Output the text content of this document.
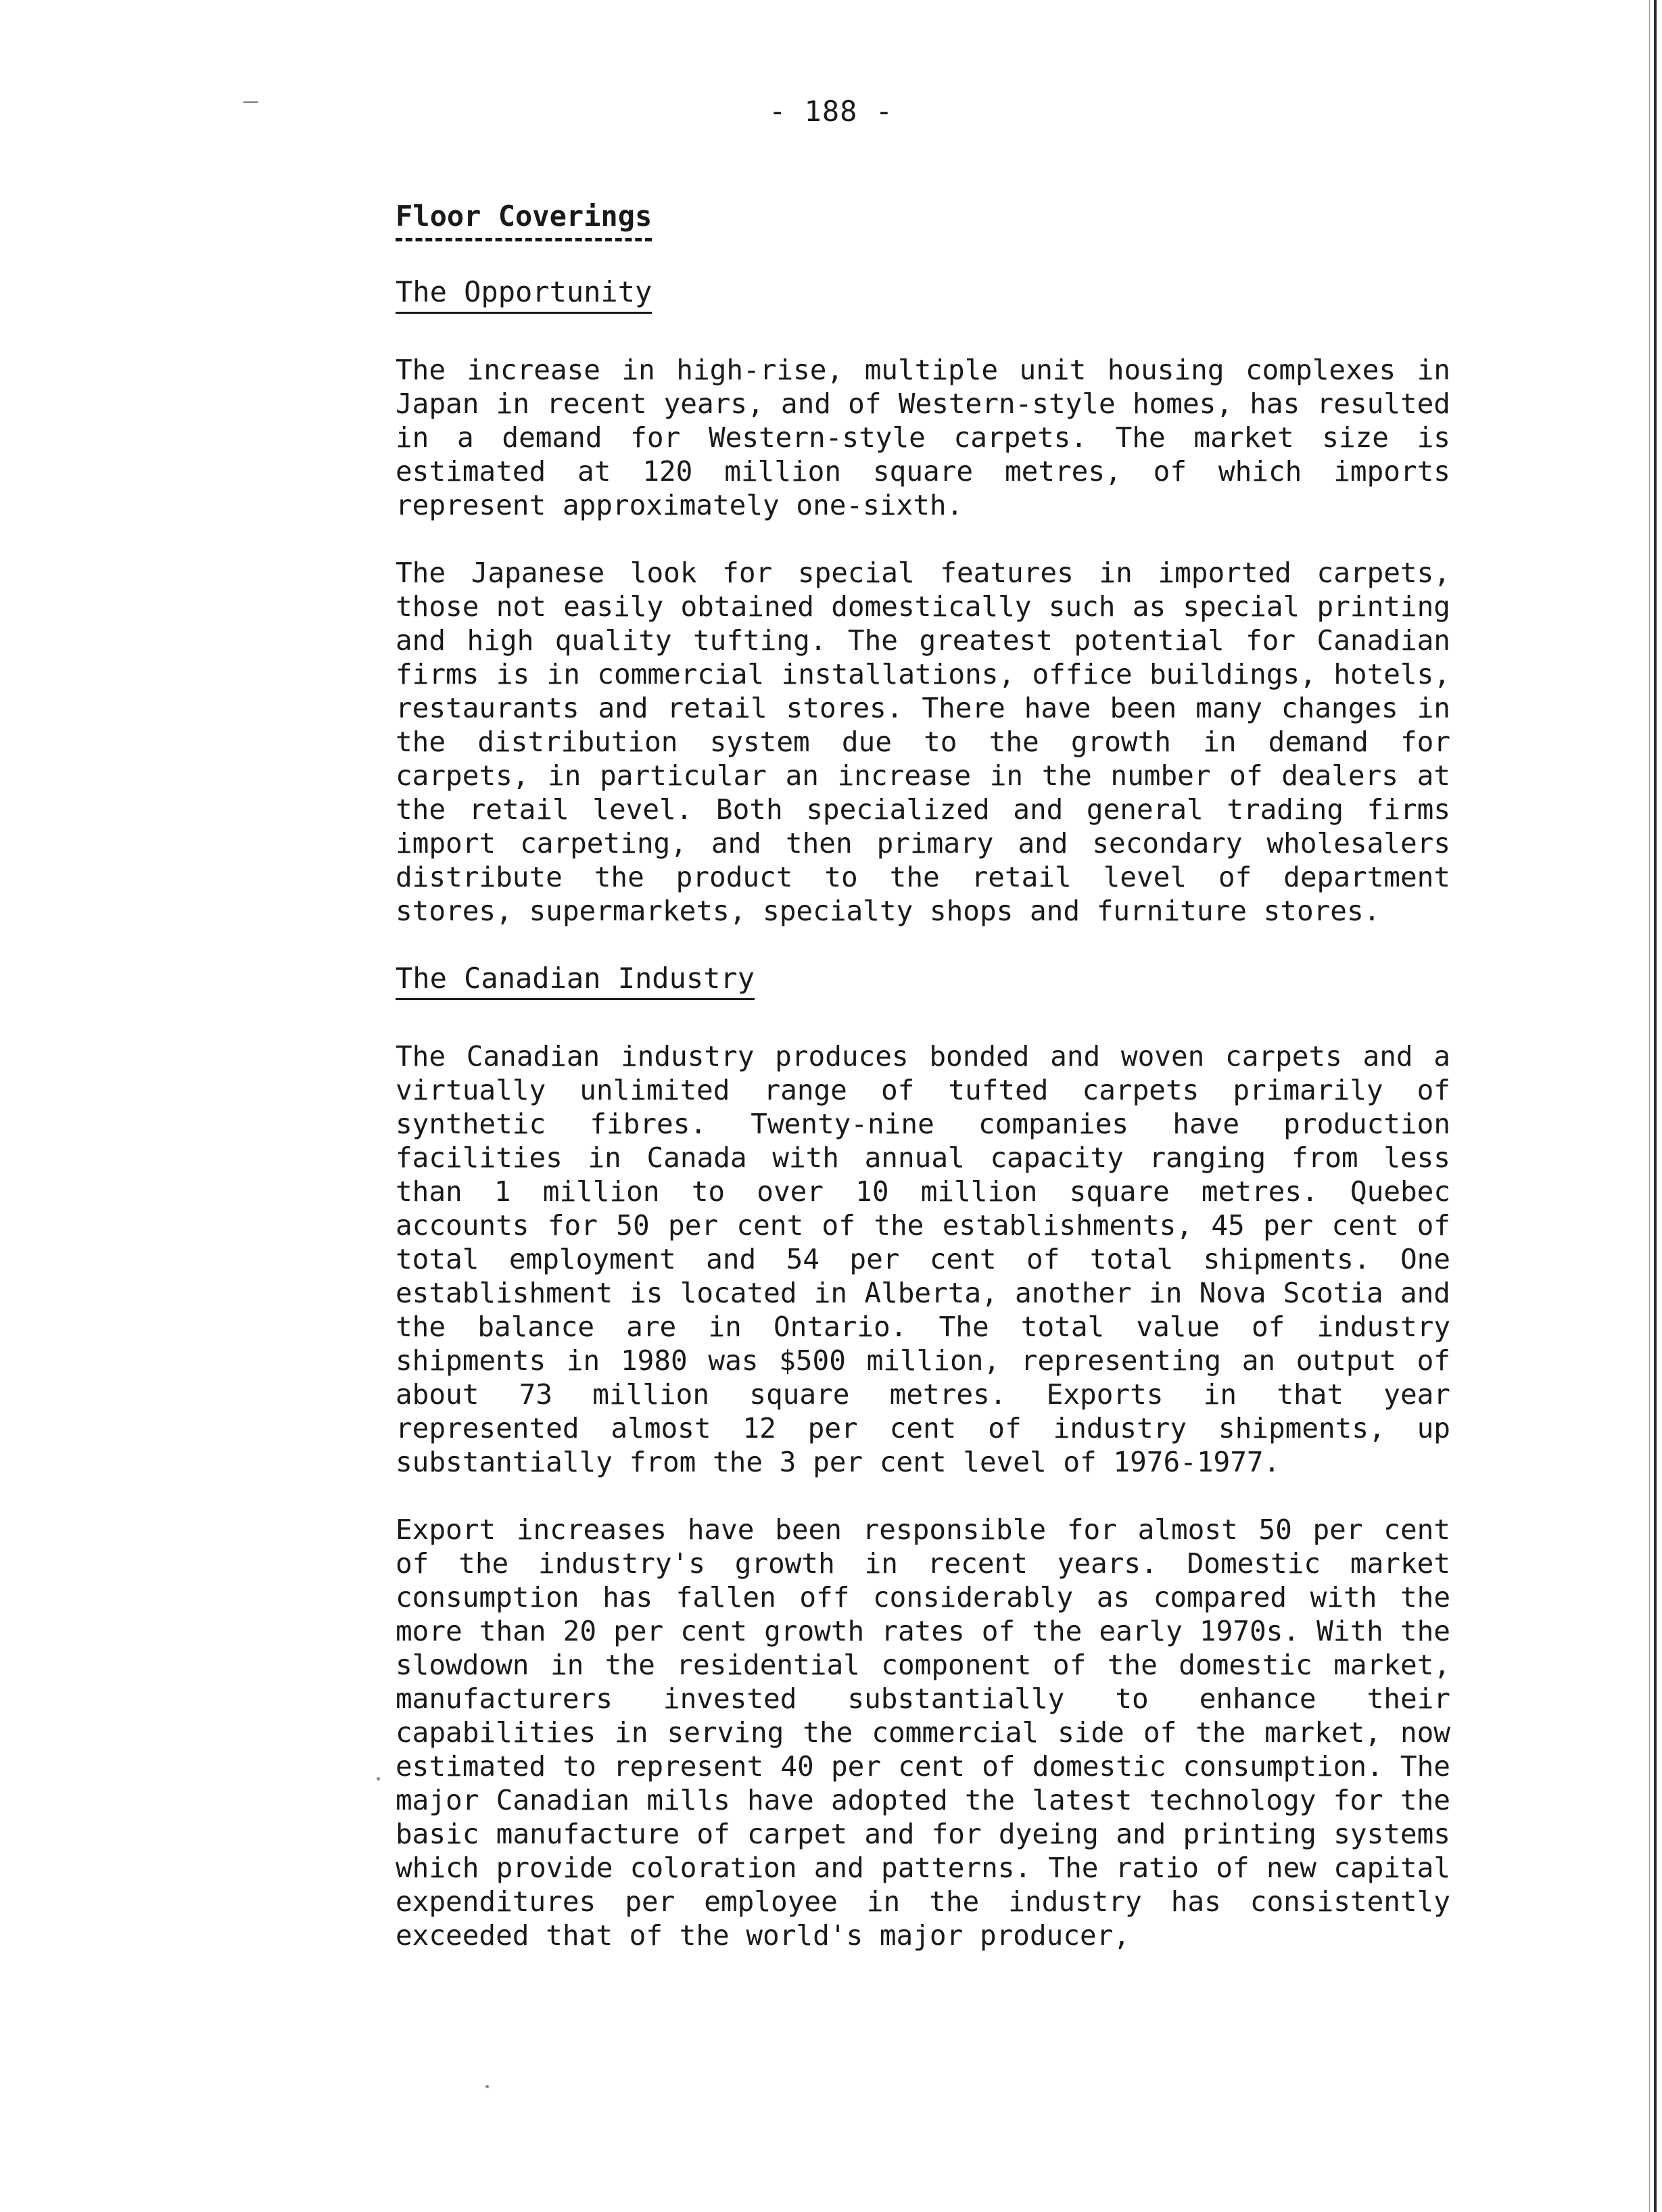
- 188 -
Floor Coverings
The Opportunity

The increase in high-rise, multiple unit housing complexes in Japan in recent years, and of Western-style homes, has resulted in a demand for Western-style carpets. The market size is estimated at 120 million square metres, of which imports represent approximately one-sixth.

The Japanese look for special features in imported carpets, those not easily obtained domestically such as special printing and high quality tufting. The greatest potential for Canadian firms is in commercial installations, office buildings, hotels, restaurants and retail stores. There have been many changes in the distribution system due to the growth in demand for carpets, in particular an increase in the number of dealers at the retail level. Both specialized and general trading firms import carpeting, and then primary and secondary wholesalers distribute the product to the retail level of department stores, supermarkets, specialty shops and furniture stores.

The Canadian Industry

The Canadian industry produces bonded and woven carpets and a virtually unlimited range of tufted carpets primarily of synthetic fibres. Twenty-nine companies have production facilities in Canada with annual capacity ranging from less than 1 million to over 10 million square metres. Quebec accounts for 50 per cent of the establishments, 45 per cent of total employment and 54 per cent of total shipments. One establishment is located in Alberta, another in Nova Scotia and the balance are in Ontario. The total value of industry shipments in 1980 was $500 million, representing an output of about 73 million square metres. Exports in that year represented almost 12 per cent of industry shipments, up substantially from the 3 per cent level of 1976-1977.

Export increases have been responsible for almost 50 per cent of the industry's growth in recent years. Domestic market consumption has fallen off considerably as compared with the more than 20 per cent growth rates of the early 1970s. With the slowdown in the residential component of the domestic market, manufacturers invested substantially to enhance their capabilities in serving the commercial side of the market, now estimated to represent 40 per cent of domestic consumption. The major Canadian mills have adopted the latest technology for the basic manufacture of carpet and for dyeing and printing systems which provide coloration and patterns. The ratio of new capital expenditures per employee in the industry has consistently exceeded that of the world's major producer,
